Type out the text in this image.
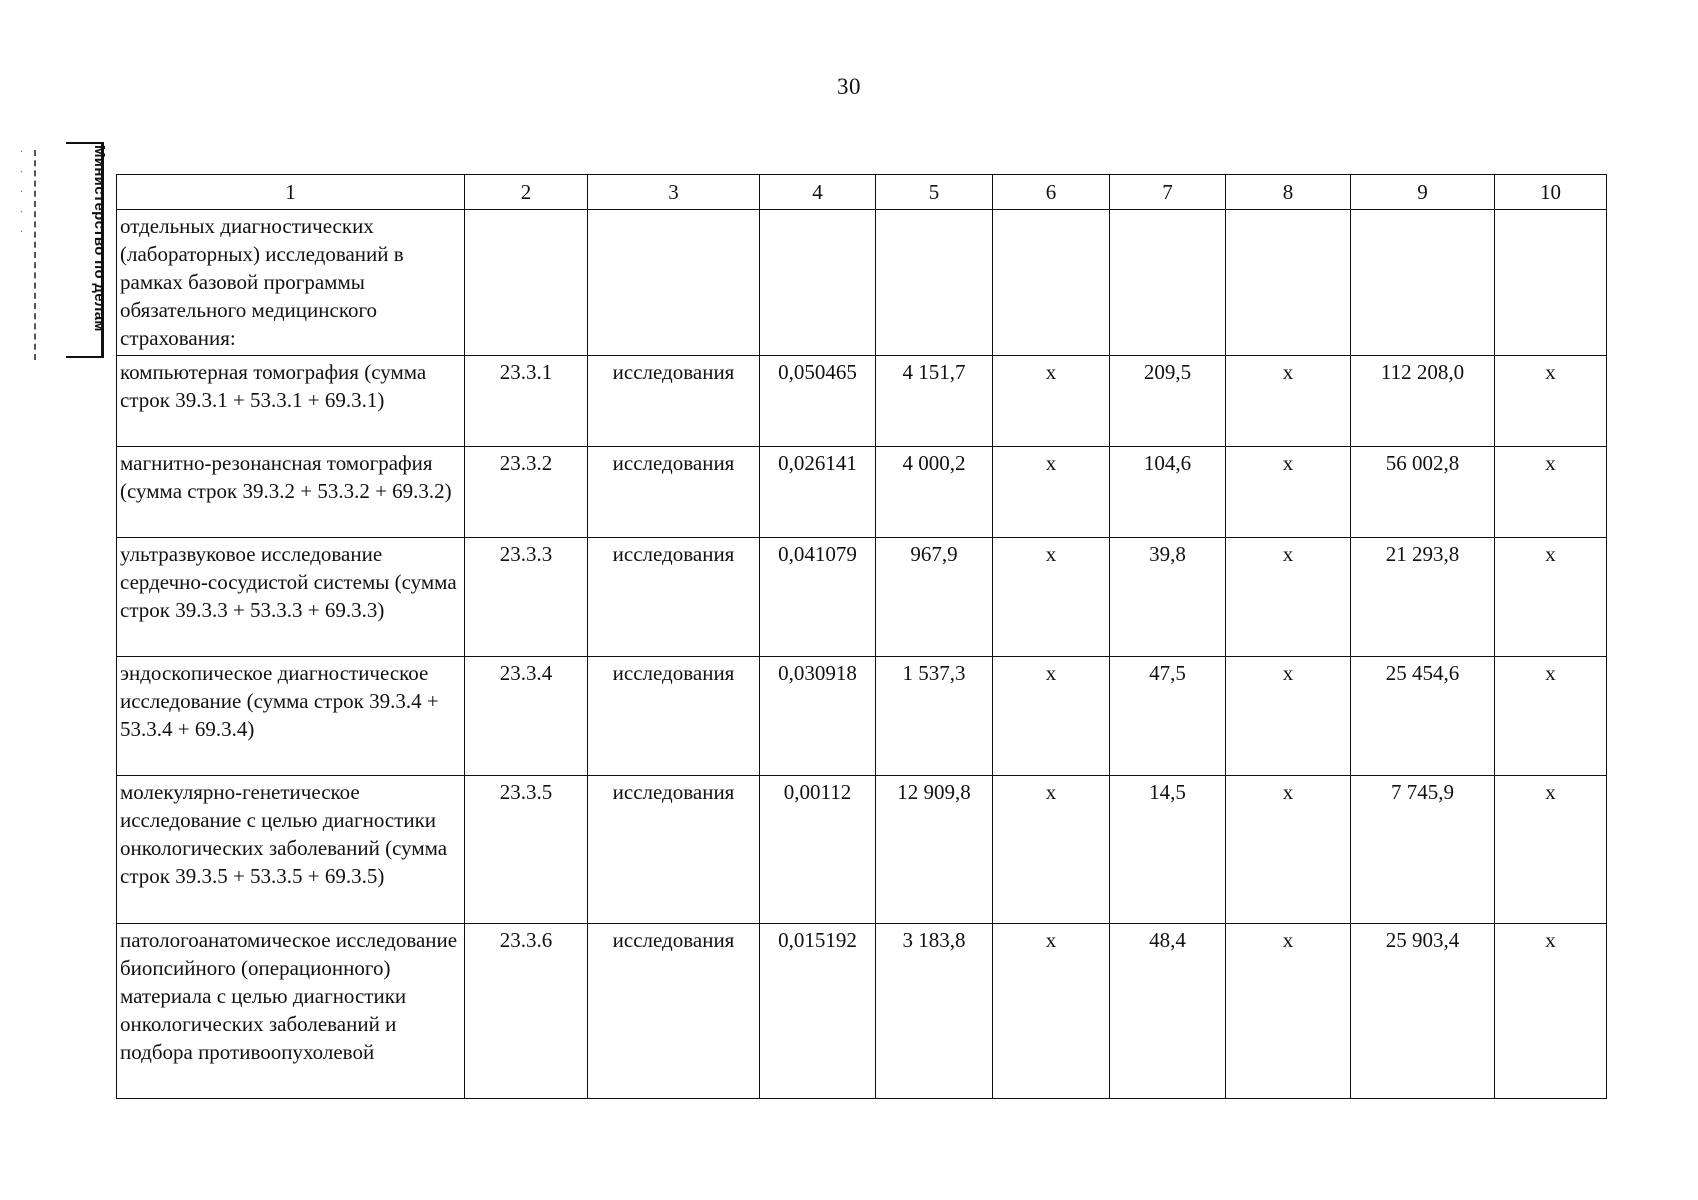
30
·
·
·
·
·	Министерство по делам	1	2	3	4	5	6	7	8	9	10
отдельных диагностических (лабораторных) исследований в рамках базовой программы обязательного медицинского страхования:									
компьютерная томография (сумма строк 39.3.1 + 53.3.1 + 69.3.1)	23.3.1	исследования	0,050465	4 151,7	х	209,5	х	112 208,0	х
магнитно-резонансная томография (сумма строк 39.3.2 + 53.3.2 + 69.3.2)	23.3.2	исследования	0,026141	4 000,2	х	104,6	х	56 002,8	х
ультразвуковое исследование сердечно-сосудистой системы (сумма строк 39.3.3 + 53.3.3 + 69.3.3)	23.3.3	исследования	0,041079	967,9	х	39,8	х	21 293,8	х
эндоскопическое диагностическое исследование (сумма строк 39.3.4 + 53.3.4 + 69.3.4)	23.3.4	исследования	0,030918	1 537,3	х	47,5	х	25 454,6	х
молекулярно-генетическое исследование с целью диагностики онкологических заболеваний (сумма строк 39.3.5 + 53.3.5 + 69.3.5)	23.3.5	исследования	0,00112	12 909,8	х	14,5	х	7 745,9	х
патологоанатомическое исследование биопсийного (операционного) материала с целью диагностики онкологических заболеваний и подбора противоопухолевой	23.3.6	исследования	0,015192	3 183,8	х	48,4	х	25 903,4	х
